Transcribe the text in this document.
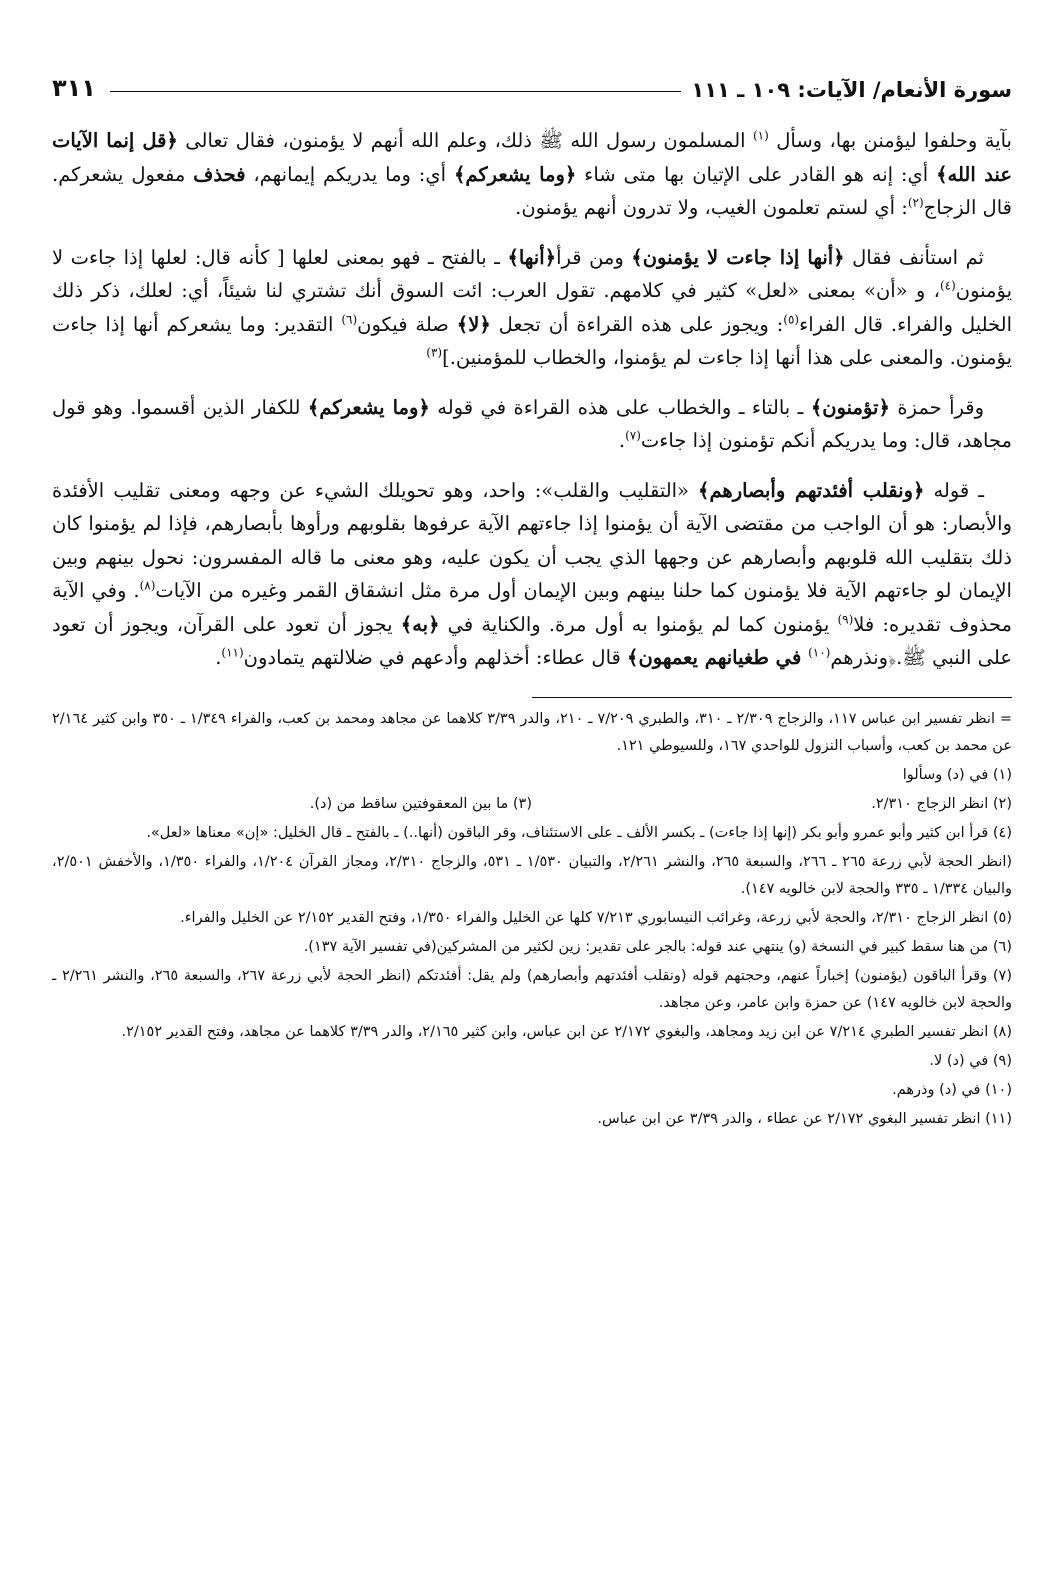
سورة الأنعام/ الآيات: ١٠٩ ـ ١١١
٣١١

بآية وحلفوا ليؤمنن بها، وسأل $^{(١)}$ المسلمون رسول الله ﷺ ذلك، وعلم الله أنهم لا يؤمنون، فقال تعالى ﴿قل إنما الآيات عند الله﴾ أي: إنه هو القادر على الإتيان بها متى شاء ﴿وما يشعركم﴾ أي: وما يدريكم إيمانهم، فحذف مفعول يشعركم. قال الزجاج$^{(٢)}$: أي لستم تعلمون الغيب، ولا تدرون أنهم يؤمنون.

ثم استأنف فقال ﴿أنها إذا جاءت لا يؤمنون﴾ ومن قرأ﴿أنها﴾ ـ بالفتح ـ فهو بمعنى لعلها [ كأنه قال: لعلها إذا جاءت لا يؤمنون$^{(٤)}$، و «أن» بمعنى «لعل» كثير في كلامهم. تقول العرب: ائت السوق أنك تشتري لنا شيئاً، أي: لعلك، ذكر ذلك الخليل والفراء. قال الفراء$^{(٥)}$: ويجوز على هذه القراءة أن تجعل ﴿لا﴾ صلة فيكون$^{(٦)}$ التقدير: وما يشعركم أنها إذا جاءت يؤمنون. والمعنى على هذا أنها إذا جاءت لم يؤمنوا، والخطاب للمؤمنين.]$^{(٣)}$

وقرأ حمزة ﴿تؤمنون﴾ ـ بالتاء ـ والخطاب على هذه القراءة في قوله ﴿وما يشعركم﴾ للكفار الذين أقسموا. وهو قول مجاهد، قال: وما يدريكم أنكم تؤمنون إذا جاءت$^{(٧)}$.

ـ قوله ﴿ونقلب أفئدتهم وأبصارهم﴾ «التقليب والقلب»: واحد، وهو تحويلك الشيء عن وجهه ومعنى تقليب الأفئدة والأبصار: هو أن الواجب من مقتضى الآية أن يؤمنوا إذا جاءتهم الآية عرفوها بقلوبهم ورأوها بأبصارهم، فإذا لم يؤمنوا كان ذلك بتقليب الله قلوبهم وأبصارهم عن وجهها الذي يجب أن يكون عليه، وهو معنى ما قاله المفسرون: نحول بينهم وبين الإيمان لو جاءتهم الآية فلا يؤمنون كما حلنا بينهم وبين الإيمان أول مرة مثل انشقاق القمر وغيره من الآيات$^{(٨)}$. وفي الآية محذوف تقديره: فلا$^{(٩)}$ يؤمنون كما لم يؤمنوا به أول مرة. والكناية في ﴿به﴾ يجوز أن تعود على القرآن، ويجوز أن تعود على النبي ﷺ.﴿ونذرهم$^{(١٠)}$ في طغيانهم يعمهون﴾ قال عطاء: أخذلهم وأدعهم في ضلالتهم يتمادون$^{(١١)}$.

= انظر تفسير ابن عباس ١١٧، والزجاج ٢/٣٠٩ ـ ٣١٠، والطبري ٧/٢٠٩ ـ ٢١٠، والدر ٣/٣٩ كلاهما عن مجاهد ومحمد بن كعب، والفراء ١/٣٤٩ ـ ٣٥٠ وابن كثير ٢/١٦٤ عن محمد بن كعب، وأسباب النزول للواحدي ١٦٧، وللسيوطي ١٢١.
(١) في (د) وسألوا
(٢) انظر الزجاج ٢/٣١٠.
(٣) ما بين المعقوفتين ساقط من (د).
(٤) قرأ ابن كثير وأبو عمرو وأبو بكر (إنها إذا جاءت) ـ بكسر الألف ـ على الاستئناف، وقر الباقون (أنها..) ـ بالفتح ـ قال الخليل: «إن» معناها «لعل».
(انظر الحجة لأبي زرعة ٢٦٥ ـ ٢٦٦، والسبعة ٢٦٥، والنشر ٢/٢٦١، والتبيان ١/٥٣٠ ـ ٥٣١، والزجاج ٢/٣١٠، ومجاز القرآن ١/٢٠٤، والفراء ١/٣٥٠، والأخفش ٢/٥٠١، والبيان ١/٣٣٤ ـ ٣٣٥ والحجة لابن خالويه ١٤٧).
(٥) انظر الزجاج ٢/٣١٠، والحجة لأبي زرعة، وغرائب النيسابوري ٧/٢١٣ كلها عن الخليل والفراء ١/٣٥٠، وفتح القدير ٢/١٥٢ عن الخليل والفراء.
(٦) من هنا سقط كبير في النسخة (و) ينتهي عند قوله: بالجر على تقدير: زين لكثير من المشركين(في تفسير الآية ١٣٧).
(٧) وقرأ الباقون (يؤمنون) إخباراً عنهم، وحجتهم قوله (ونقلب أفئدتهم وأبصارهم) ولم يقل: أفئدتكم (انظر الحجة لأبي زرعة ٢٦٧، والسبعة ٢٦٥، والنشر ٢/٢٦١ ـ والحجة لابن خالويه ١٤٧) عن حمزة وابن عامر، وعن مجاهد.
(٨) انظر تفسير الطبري ٧/٢١٤ عن ابن زيد ومجاهد، والبغوي ٢/١٧٢ عن ابن عباس، وابن كثير ٢/١٦٥، والدر ٣/٣٩ كلاهما عن مجاهد، وفتح القدير ٢/١٥٢.
(٩) في (د) لا.
(١٠) في (د) وذرهم.
(١١) انظر تفسير البغوي ٢/١٧٢ عن عطاء ، والدر ٣/٣٩ عن ابن عباس.
